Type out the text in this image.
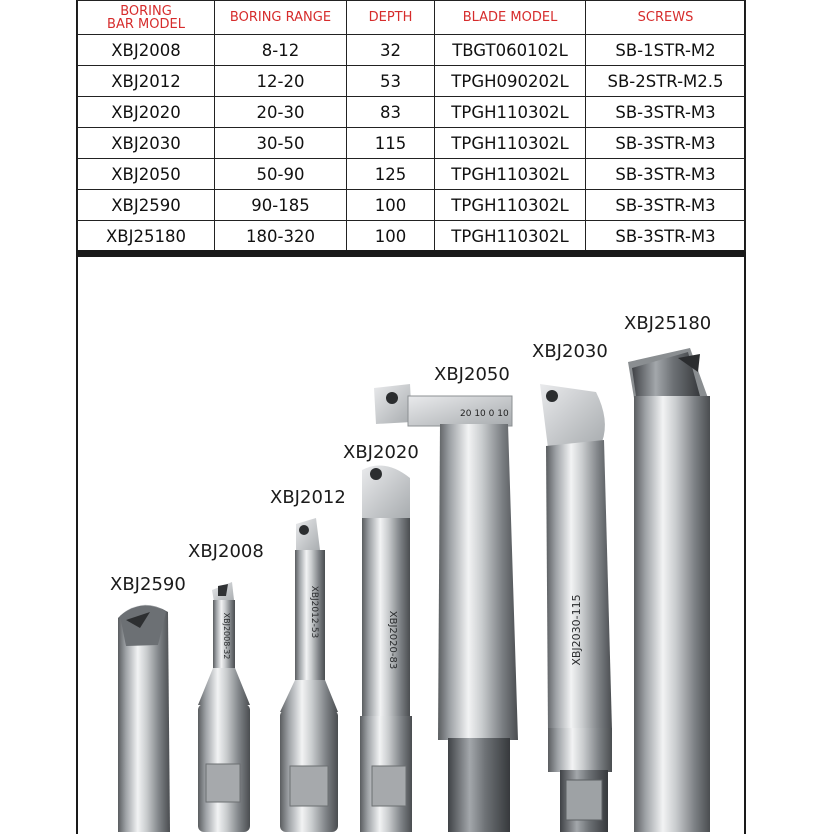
BORING
BAR MODEL	BORING RANGE	DEPTH	BLADE MODEL	SCREWS
XBJ2008	8-12	32	TBGT060102L	SB-1STR-M2
XBJ2012	12-20	53	TPGH090202L	SB-2STR-M2.5
XBJ2020	20-30	83	TPGH110302L	SB-3STR-M3
XBJ2030	30-50	115	TPGH110302L	SB-3STR-M3
XBJ2050	50-90	125	TPGH110302L	SB-3STR-M3
XBJ2590	90-185	100	TPGH110302L	SB-3STR-M3
XBJ25180	180-320	100	TPGH110302L	SB-3STR-M3
XBJ2590
XBJ2008
XBJ2012
XBJ2020
XBJ2050
XBJ2030
XBJ25180
XBJ2008-32	XBJ2012-53	XBJ2020-83
20 10 0 10
XBJ2030-115
